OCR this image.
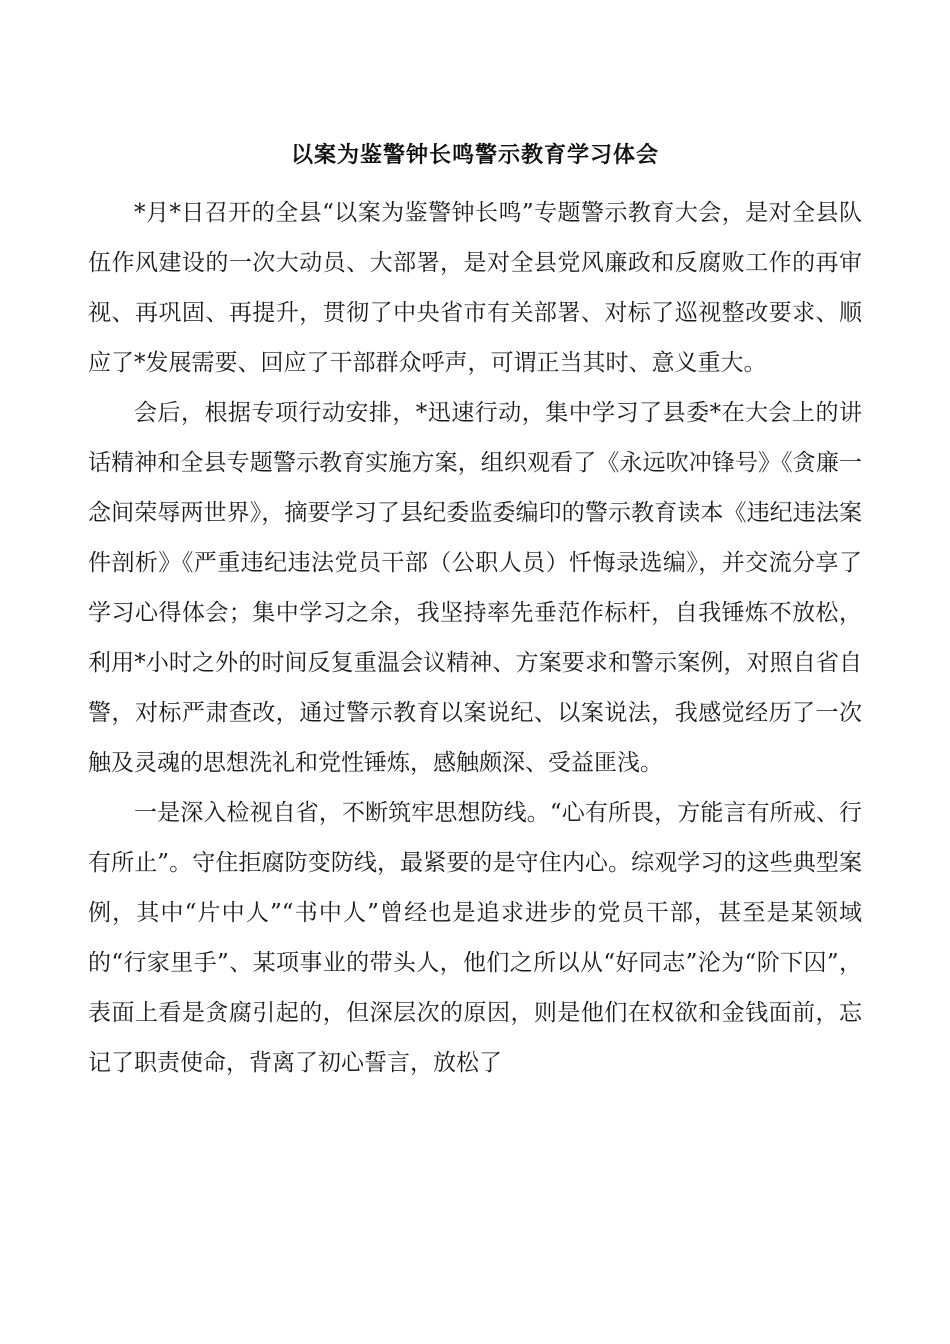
以案为鉴警钟长鸣警示教育学习体会

*月*日召开的全县“以案为鉴警钟长鸣”专题警示教育大会，是对全县队伍作风建设的一次大动员、大部署，是对全县党风廉政和反腐败工作的再审视、再巩固、再提升，贯彻了中央省市有关部署、对标了巡视整改要求、顺应了*发展需要、回应了干部群众呼声，可谓正当其时、意义重大。

会后，根据专项行动安排，*迅速行动，集中学习了县委*在大会上的讲话精神和全县专题警示教育实施方案，组织观看了《永远吹冲锋号》《贪廉一念间荣辱两世界》，摘要学习了县纪委监委编印的警示教育读本《违纪违法案件剖析》《严重违纪违法党员干部（公职人员）忏悔录选编》，并交流分享了学习心得体会；集中学习之余，我坚持率先垂范作标杆，自我锤炼不放松，利用*小时之外的时间反复重温会议精神、方案要求和警示案例，对照自省自警，对标严肃查改，通过警示教育以案说纪、以案说法，我感觉经历了一次触及灵魂的思想洗礼和党性锤炼，感触颇深、受益匪浅。

一是深入检视自省，不断筑牢思想防线。“心有所畏，方能言有所戒、行有所止”。守住拒腐防变防线，最紧要的是守住内心。综观学习的这些典型案例，其中“片中人”“书中人”曾经也是追求进步的党员干部，甚至是某领域的“行家里手”、某项事业的带头人，他们之所以从“好同志”沦为“阶下囚”，表面上看是贪腐引起的，但深层次的原因，则是他们在权欲和金钱面前，忘记了职责使命，背离了初心誓言，放松了
